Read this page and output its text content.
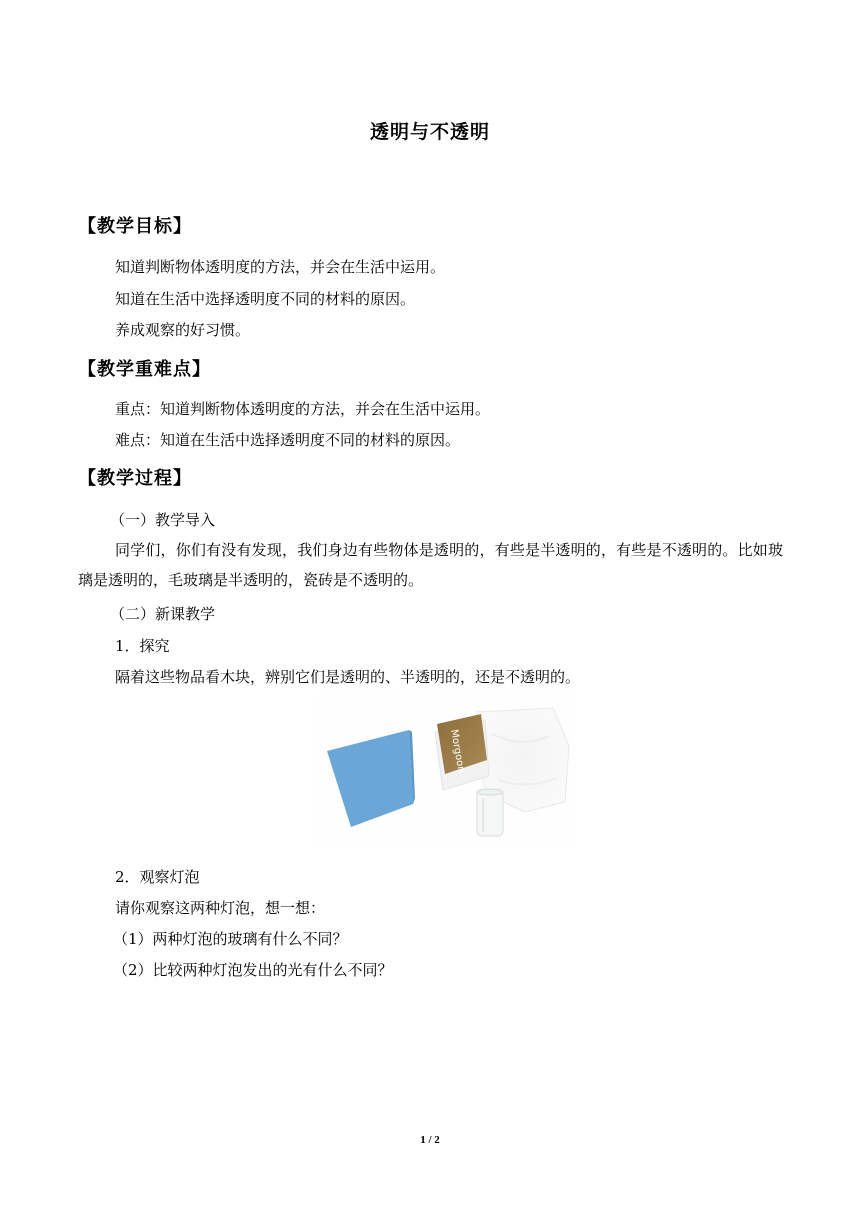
透明与不透明
【教学目标】
知道判断物体透明度的方法，并会在生活中运用。
知道在生活中选择透明度不同的材料的原因。
养成观察的好习惯。
【教学重难点】
重点：知道判断物体透明度的方法，并会在生活中运用。
难点：知道在生活中选择透明度不同的材料的原因。
【教学过程】
（一）教学导入
同学们，你们有没有发现，我们身边有些物体是透明的，有些是半透明的，有些是不透明的。比如玻璃是透明的，毛玻璃是半透明的，瓷砖是不透明的。
（二）新课教学
1．探究
隔着这些物品看木块，辨别它们是透明的、半透明的，还是不透明的。
Morgoon
2．观察灯泡
请你观察这两种灯泡，想一想：
（1）两种灯泡的玻璃有什么不同？
（2）比较两种灯泡发出的光有什么不同？
1 / 2
